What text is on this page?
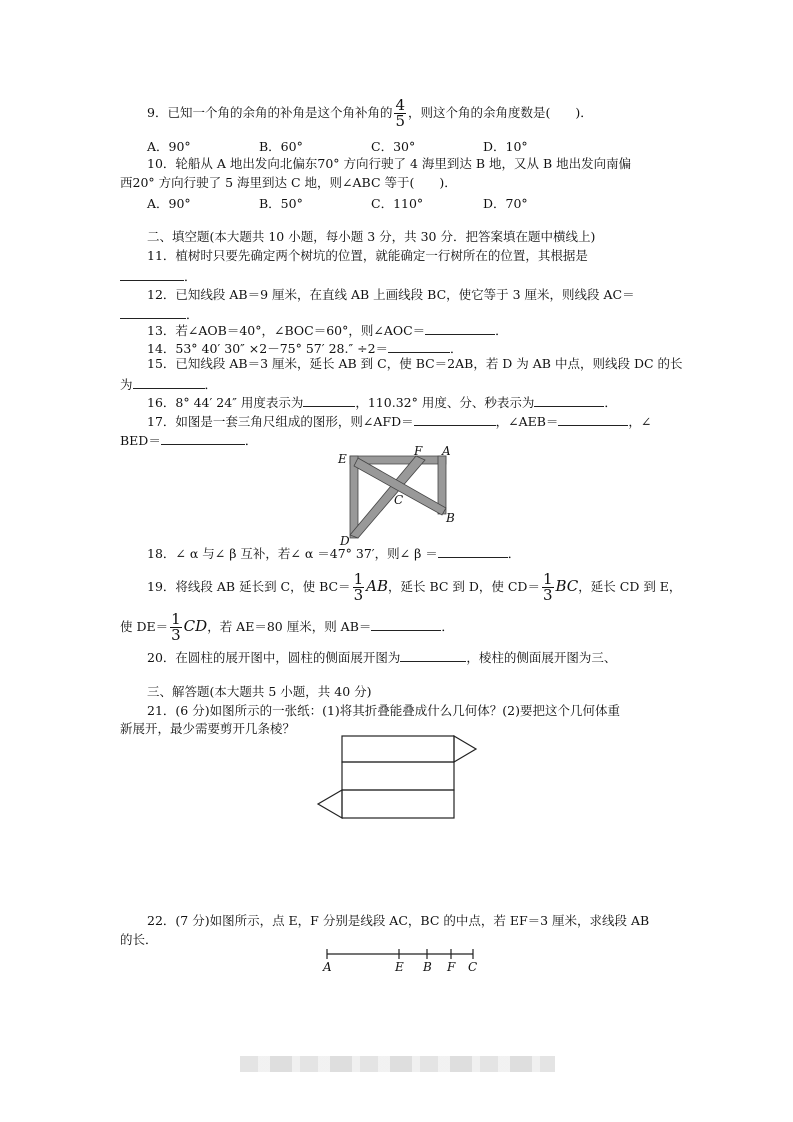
9．已知一个角的余角的补角是这个角补角的 $\frac{4}{5}$ ，则这个角的余角度数是(　　)．
A．90°	B．60°	C．30°	D．10°
10．轮船从 A 地出发向北偏东70° 方向行驶了 4 海里到达 B 地，又从 B 地出发向南偏
西20° 方向行驶了 5 海里到达 C 地，则∠ABC 等于(　　)．
A．90°	B．50°	C．110°	D．70°
二、填空题(本大题共 10 小题，每小题 3 分，共 30 分．把答案填在题中横线上)
11．植树时只要先确定两个树坑的位置，就能确定一行树所在的位置，其根据是
．
12．已知线段 AB＝9 厘米，在直线 AB 上画线段 BC，使它等于 3 厘米，则线段 AC＝
．
13．若∠AOB＝40°，∠BOC＝60°，则∠AOC＝	．
14．53° 40′ 30″ ×2－75° 57′ 28.″ ÷2＝	．
15．已知线段 AB＝3 厘米，延长 AB 到 C，使 BC＝2AB，若 D 为 AB 中点，则线段 DC 的长
为	．
16．8° 44′ 24″ 用度表示为	，110.32° 用度、分、秒表示为	．
17．如图是一套三角尺组成的图形，则∠AFD＝	，∠AEB＝	，∠
BED＝	．
E
F A
C
B
D
18．∠ α 与∠ β 互补，若∠ α ＝47° 37′，则∠ β ＝	．
19．将线段 AB 延长到 C，使 $BC= \frac{1}{3}$ AB，延长 BC 到 D，使 $CD= \frac{1}{3}$ BC，延长 CD 到 E，
使 $DE= \frac{1}{3}$ CD，若 AE＝80 厘米，则 AB＝	．
20．在圆柱的展开图中，圆柱的侧面展开图为	，棱柱的侧面展开图为三、
三、解答题(本大题共 5 小题，共 40 分)
21．(6 分)如图所示的一张纸：(1)将其折叠能叠成什么几何体？(2)要把这个几何体重
新展开，最少需要剪开几条棱？
22．(7 分)如图所示，点 E，F 分别是线段 AC，BC 的中点，若 EF＝3 厘米，求线段 AB
的长．
A	E B F C
